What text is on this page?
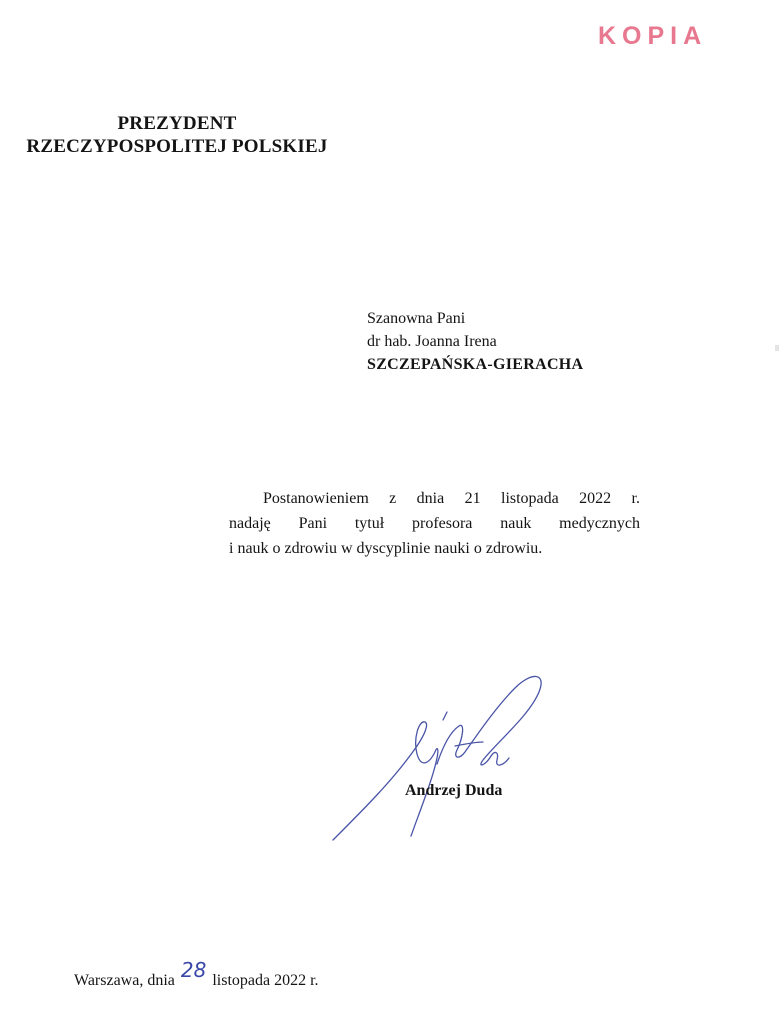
KOPIA
PREZYDENT
RZECZYPOSPOLITEJ POLSKIEJ
Szanowna Pani
dr hab. Joanna Irena
SZCZEPAŃSKA-GIERACHA
Postanowieniem z dnia 21 listopada 2022 r.
nadaję Pani tytuł profesora nauk medycznych
i nauk o zdrowiu w dyscyplinie nauki o zdrowiu.
Andrzej Duda
Warszawa, dnia 28 listopada 2022 r.
